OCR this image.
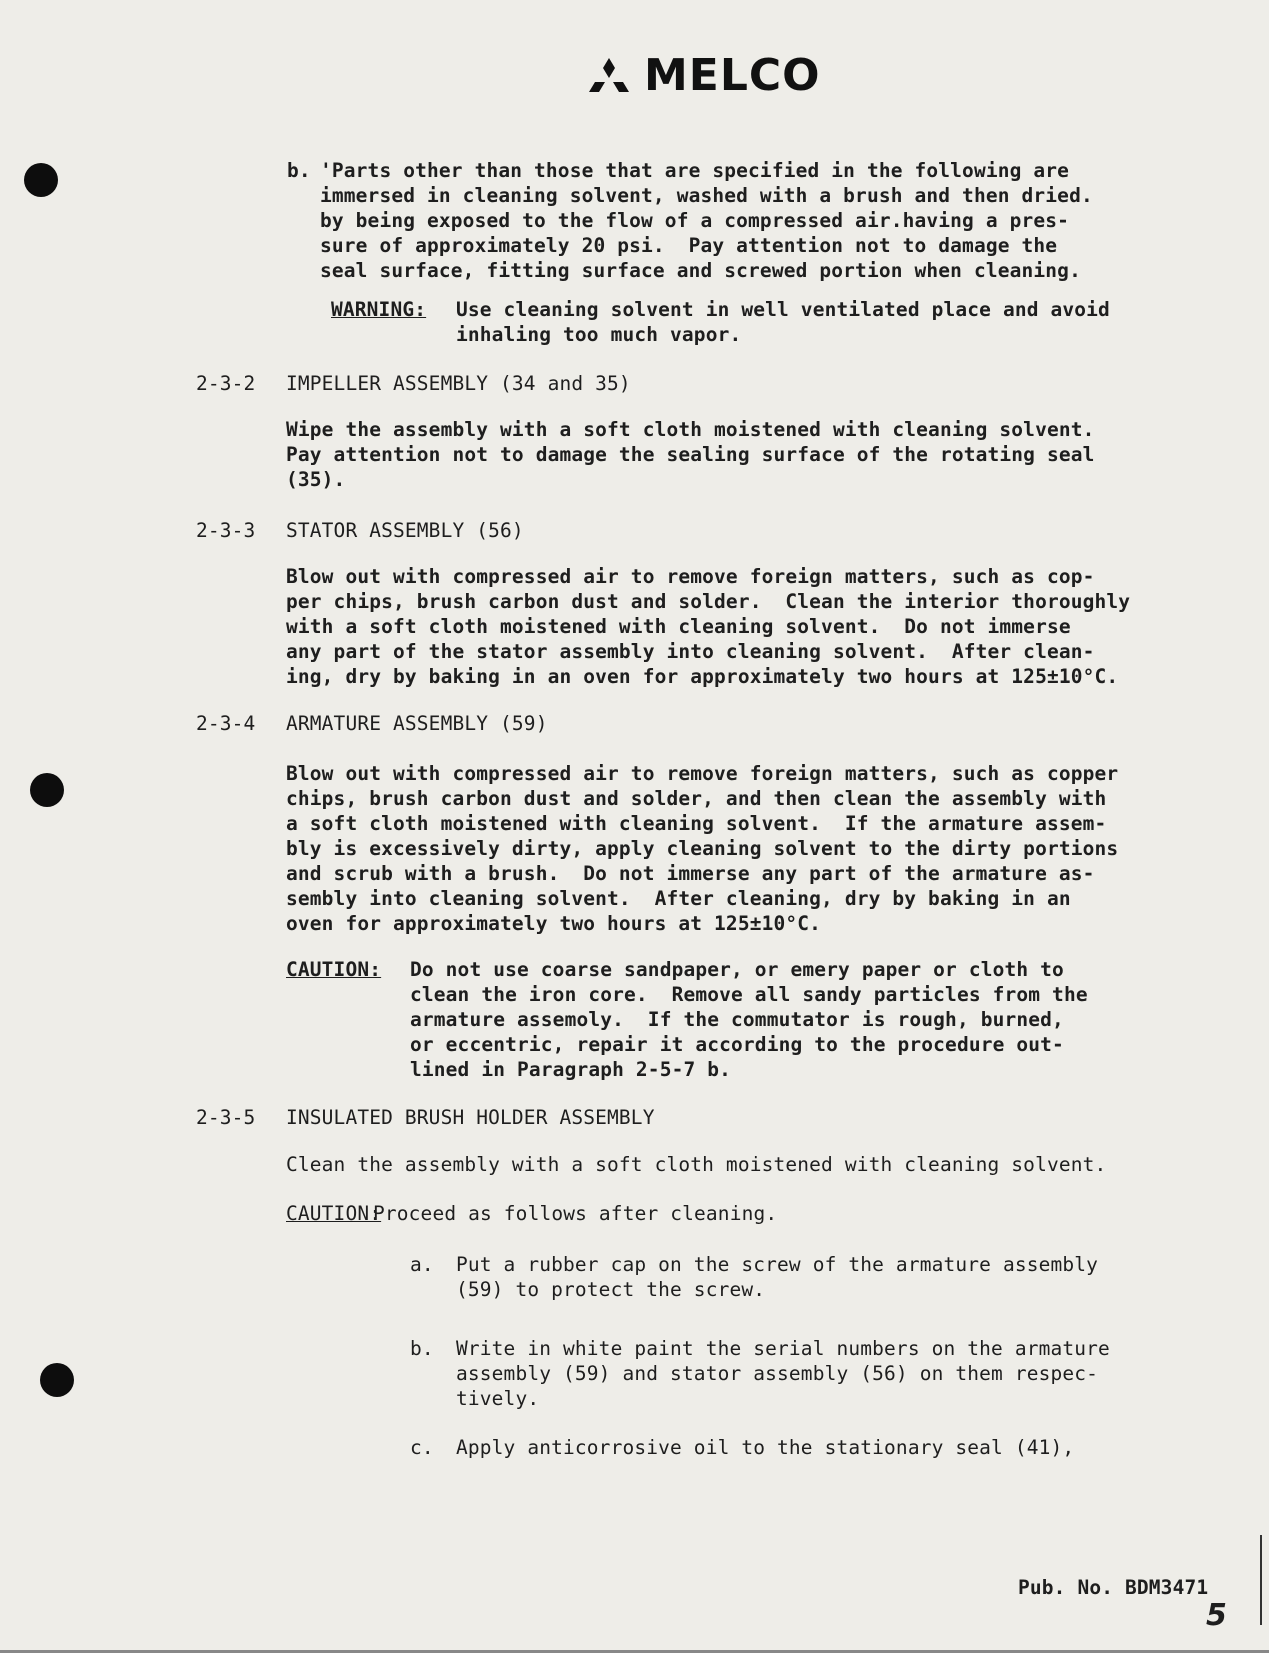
MELCO
b. 'Parts other than those that are specified in the following are
immersed in cleaning solvent, washed with a brush and then dried.
by being exposed to the flow of a compressed air.having a pres-
sure of approximately 20 psi.  Pay attention not to damage the
seal surface, fitting surface and screwed portion when cleaning.
WARNING: Use cleaning solvent in well ventilated place and avoid
inhaling too much vapor.
2-3-2 IMPELLER ASSEMBLY (34 and 35)
Wipe the assembly with a soft cloth moistened with cleaning solvent.
Pay attention not to damage the sealing surface of the rotating seal
(35).
2-3-3 STATOR ASSEMBLY (56)
Blow out with compressed air to remove foreign matters, such as cop-
per chips, brush carbon dust and solder.  Clean the interior thoroughly
with a soft cloth moistened with cleaning solvent.  Do not immerse
any part of the stator assembly into cleaning solvent.  After clean-
ing, dry by baking in an oven for approximately two hours at 125±10°C.
2-3-4 ARMATURE ASSEMBLY (59)
Blow out with compressed air to remove foreign matters, such as copper
chips, brush carbon dust and solder, and then clean the assembly with
a soft cloth moistened with cleaning solvent.  If the armature assem-
bly is excessively dirty, apply cleaning solvent to the dirty portions
and scrub with a brush.  Do not immerse any part of the armature as-
sembly into cleaning solvent.  After cleaning, dry by baking in an
oven for approximately two hours at 125±10°C.
2-3-5 INSULATED BRUSH HOLDER ASSEMBLY
Clean the assembly with a soft cloth moistened with cleaning solvent.
CAUTION: Do not use coarse sandpaper, or emery paper or cloth to
clean the iron core.  Remove all sandy particles from the
armature assemoly.  If the commutator is rough, burned,
or eccentric, repair it according to the procedure out-
lined in Paragraph 2-5-7 b.
CAUTION:
Proceed as follows after cleaning.
a. Put a rubber cap on the screw of the armature assembly
(59) to protect the screw.
b. Write in white paint the serial numbers on the armature
assembly (59) and stator assembly (56) on them respec-
tively.
c. Apply anticorrosive oil to the stationary seal (41),
Pub. No. BDM3471
5
